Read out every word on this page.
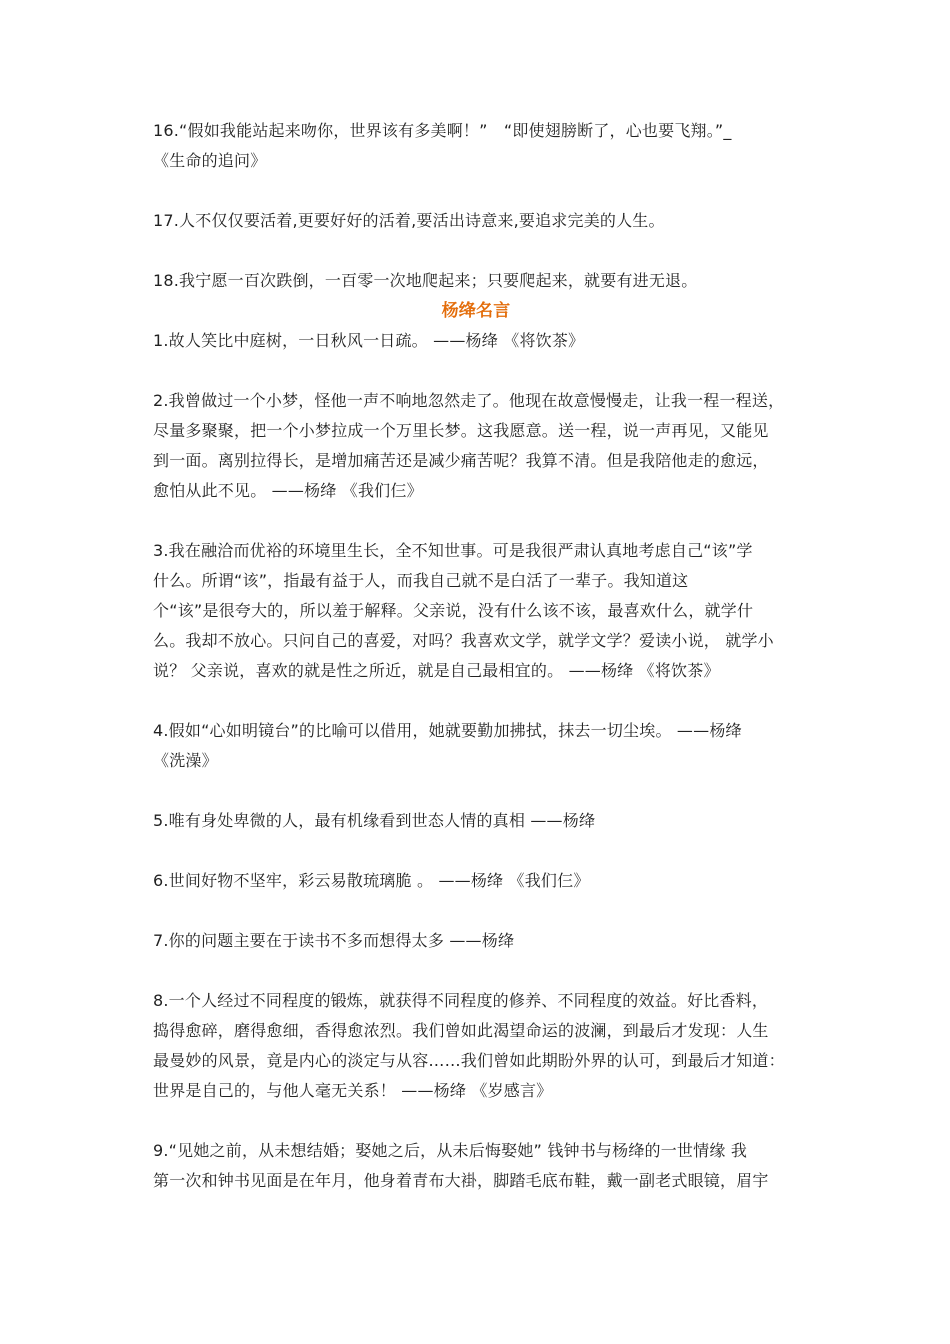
16.“假如我能站起来吻你，世界该有多美啊！”　“即使翅膀断了，心也要飞翔。”_
《生命的追问》
17.人不仅仅要活着,更要好好的活着,要活出诗意来,要追求完美的人生。
18.我宁愿一百次跌倒，一百零一次地爬起来；只要爬起来，就要有进无退。
杨绛名言
1.故人笑比中庭树，一日秋风一日疏。 ——杨绛 《将饮茶》
2.我曾做过一个小梦，怪他一声不响地忽然走了。他现在故意慢慢走，让我一程一程送，
尽量多聚聚，把一个小梦拉成一个万里长梦。这我愿意。送一程，说一声再见，又能见
到一面。离别拉得长，是增加痛苦还是减少痛苦呢？我算不清。但是我陪他走的愈远，
愈怕从此不见。 ——杨绛 《我们仨》
3.我在融洽而优裕的环境里生长，全不知世事。可是我很严肃认真地考虑自己“该”学
什么。所谓“该”，指最有益于人，而我自己就不是白活了一辈子。我知道这
个“该”是很夸大的，所以羞于解释。父亲说，没有什么该不该，最喜欢什么，就学什
么。我却不放心。只问自己的喜爱，对吗？我喜欢文学，就学文学？爱读小说， 就学小
说？ 父亲说，喜欢的就是性之所近，就是自己最相宜的。 ——杨绛 《将饮茶》
4.假如“心如明镜台”的比喻可以借用，她就要勤加拂拭，抹去一切尘埃。 ——杨绛
《洗澡》
5.唯有身处卑微的人，最有机缘看到世态人情的真相 ——杨绛
6.世间好物不坚牢，彩云易散琉璃脆 。 ——杨绛 《我们仨》
7.你的问题主要在于读书不多而想得太多 ——杨绛
8.一个人经过不同程度的锻炼，就获得不同程度的修养、不同程度的效益。好比香料，
捣得愈碎，磨得愈细，香得愈浓烈。我们曾如此渴望命运的波澜，到最后才发现：人生
最曼妙的风景，竟是内心的淡定与从容……我们曾如此期盼外界的认可，到最后才知道：
世界是自己的，与他人毫无关系！ ——杨绛 《岁感言》
9.“见她之前，从未想结婚；娶她之后，从未后悔娶她” 钱钟书与杨绛的一世情缘 我
第一次和钟书见面是在年月，他身着青布大褂，脚踏毛底布鞋，戴一副老式眼镜，眉宇
